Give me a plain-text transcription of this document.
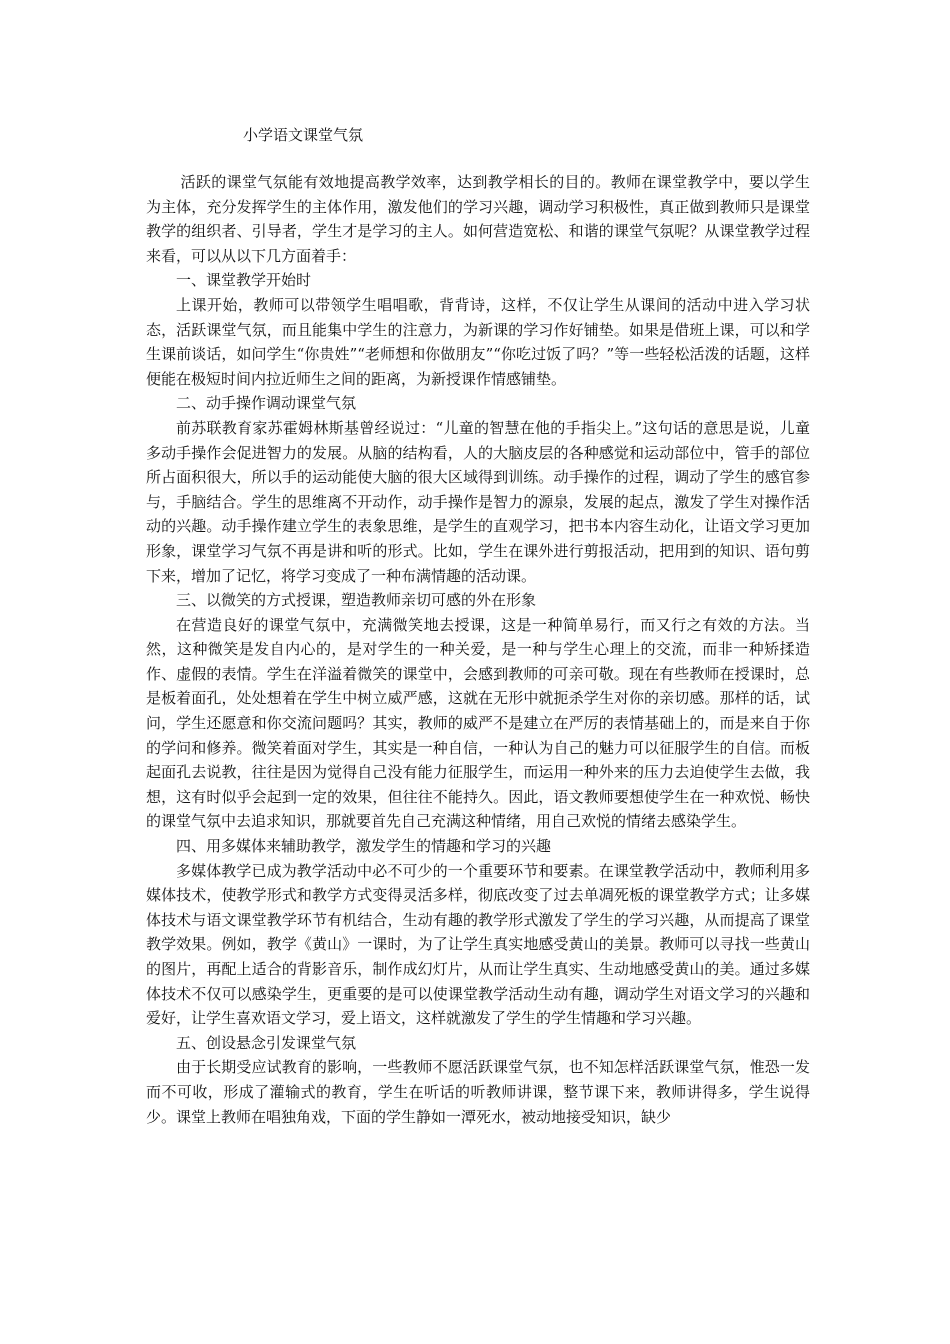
小学语文课堂气氛

活跃的课堂气氛能有效地提高教学效率，达到教学相长的目的。教师在课堂教学中，要以学生为主体，充分发挥学生的主体作用，激发他们的学习兴趣，调动学习积极性，真正做到教师只是课堂教学的组织者、引导者，学生才是学习的主人。如何营造宽松、和谐的课堂气氛呢？从课堂教学过程来看，可以从以下几方面着手：

一、课堂教学开始时

上课开始，教师可以带领学生唱唱歌，背背诗，这样，不仅让学生从课间的活动中进入学习状态，活跃课堂气氛，而且能集中学生的注意力，为新课的学习作好铺垫。如果是借班上课，可以和学生课前谈话，如问学生“你贵姓”“老师想和你做朋友”“你吃过饭了吗？”等一些轻松活泼的话题，这样便能在极短时间内拉近师生之间的距离，为新授课作情感铺垫。

二、动手操作调动课堂气氛

前苏联教育家苏霍姆林斯基曾经说过：“儿童的智慧在他的手指尖上。”这句话的意思是说，儿童多动手操作会促进智力的发展。从脑的结构看，人的大脑皮层的各种感觉和运动部位中，管手的部位所占面积很大，所以手的运动能使大脑的很大区域得到训练。动手操作的过程，调动了学生的感官参与，手脑结合。学生的思维离不开动作，动手操作是智力的源泉，发展的起点，激发了学生对操作活动的兴趣。动手操作建立学生的表象思维，是学生的直观学习，把书本内容生动化，让语文学习更加形象，课堂学习气氛不再是讲和听的形式。比如，学生在课外进行剪报活动，把用到的知识、语句剪下来，增加了记忆，将学习变成了一种布满情趣的活动课。

三、以微笑的方式授课，塑造教师亲切可感的外在形象

在营造良好的课堂气氛中，充满微笑地去授课，这是一种简单易行，而又行之有效的方法。当然，这种微笑是发自内心的，是对学生的一种关爱，是一种与学生心理上的交流，而非一种矫揉造作、虚假的表情。学生在洋溢着微笑的课堂中，会感到教师的可亲可敬。现在有些教师在授课时，总是板着面孔，处处想着在学生中树立威严感，这就在无形中就扼杀学生对你的亲切感。那样的话，试问，学生还愿意和你交流问题吗？其实，教师的威严不是建立在严厉的表情基础上的，而是来自于你的学问和修养。微笑着面对学生，其实是一种自信，一种认为自己的魅力可以征服学生的自信。而板起面孔去说教，往往是因为觉得自己没有能力征服学生，而运用一种外来的压力去迫使学生去做，我想，这有时似乎会起到一定的效果，但往往不能持久。因此，语文教师要想使学生在一种欢悦、畅快的课堂气氛中去追求知识，那就要首先自己充满这种情绪，用自己欢悦的情绪去感染学生。

四、用多媒体来辅助教学，激发学生的情趣和学习的兴趣

多媒体教学已成为教学活动中必不可少的一个重要环节和要素。在课堂教学活动中，教师利用多媒体技术，使教学形式和教学方式变得灵活多样，彻底改变了过去单凋死板的课堂教学方式；让多媒体技术与语文课堂教学环节有机结合，生动有趣的教学形式激发了学生的学习兴趣，从而提高了课堂教学效果。例如，教学《黄山》一课时，为了让学生真实地感受黄山的美景。教师可以寻找一些黄山的图片，再配上适合的背影音乐，制作成幻灯片，从而让学生真实、生动地感受黄山的美。通过多媒体技术不仅可以感染学生，更重要的是可以使课堂教学活动生动有趣，调动学生对语文学习的兴趣和爱好，让学生喜欢语文学习，爱上语文，这样就激发了学生的学生情趣和学习兴趣。

五、创设悬念引发课堂气氛

由于长期受应试教育的影响，一些教师不愿活跃课堂气氛，也不知怎样活跃课堂气氛，惟恐一发而不可收，形成了灌输式的教育，学生在听话的听教师讲课，整节课下来，教师讲得多，学生说得少。课堂上教师在唱独角戏，下面的学生静如一潭死水，被动地接受知识，缺少
